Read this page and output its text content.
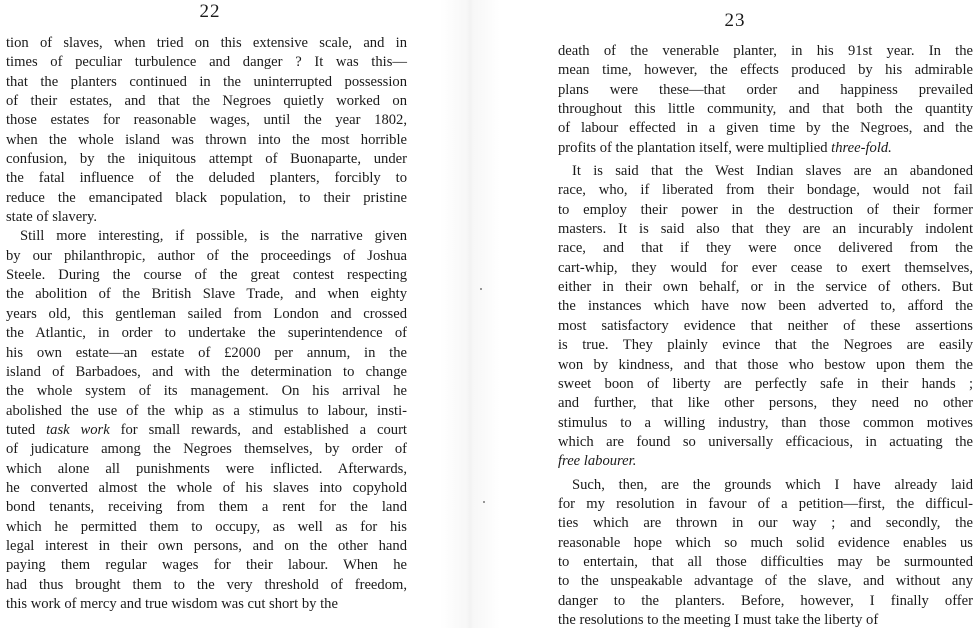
22
tion of slaves, when tried on this extensive scale, and in
times of peculiar turbulence and danger ? It was this—
that the planters continued in the uninterrupted possession
of their estates, and that the Negroes quietly worked on
those estates for reasonable wages, until the year 1802,
when the whole island was thrown into the most horrible
confusion, by the iniquitous attempt of Buonaparte, under
the fatal influence of the deluded planters, forcibly to
reduce the emancipated black population, to their pristine
state of slavery.
Still more interesting, if possible, is the narrative given
by our philanthropic, author of the proceedings of Joshua
Steele. During the course of the great contest respecting
the abolition of the British Slave Trade, and when eighty
years old, this gentleman sailed from London and crossed
the Atlantic, in order to undertake the superintendence of
his own estate—an estate of £2000 per annum, in the
island of Barbadoes, and with the determination to change
the whole system of its management. On his arrival he
abolished the use of the whip as a stimulus to labour, insti-
tuted task work for small rewards, and established a court
of judicature among the Negroes themselves, by order of
which alone all punishments were inflicted. Afterwards,
he converted almost the whole of his slaves into copyhold
bond tenants, receiving from them a rent for the land
which he permitted them to occupy, as well as for his
legal interest in their own persons, and on the other hand
paying them regular wages for their labour. When he
had thus brought them to the very threshold of freedom,
this work of mercy and true wisdom was cut short by the
23
death of the venerable planter, in his 91st year. In the
mean time, however, the effects produced by his admirable
plans were these—that order and happiness prevailed
throughout this little community, and that both the quantity
of labour effected in a given time by the Negroes, and the
profits of the plantation itself, were multiplied three-fold.
It is said that the West Indian slaves are an abandoned
race, who, if liberated from their bondage, would not fail
to employ their power in the destruction of their former
masters. It is said also that they are an incurably indolent
race, and that if they were once delivered from the
cart-whip, they would for ever cease to exert themselves,
either in their own behalf, or in the service of others. But
the instances which have now been adverted to, afford the
most satisfactory evidence that neither of these assertions
is true. They plainly evince that the Negroes are easily
won by kindness, and that those who bestow upon them the
sweet boon of liberty are perfectly safe in their hands ;
and further, that like other persons, they need no other
stimulus to a willing industry, than those common motives
which are found so universally efficacious, in actuating the
free labourer.
Such, then, are the grounds which I have already laid
for my resolution in favour of a petition—first, the difficul-
ties which are thrown in our way ; and secondly, the
reasonable hope which so much solid evidence enables us
to entertain, that all those difficulties may be surmounted
to the unspeakable advantage of the slave, and without any
danger to the planters. Before, however, I finally offer
the resolutions to the meeting I must take the liberty of
